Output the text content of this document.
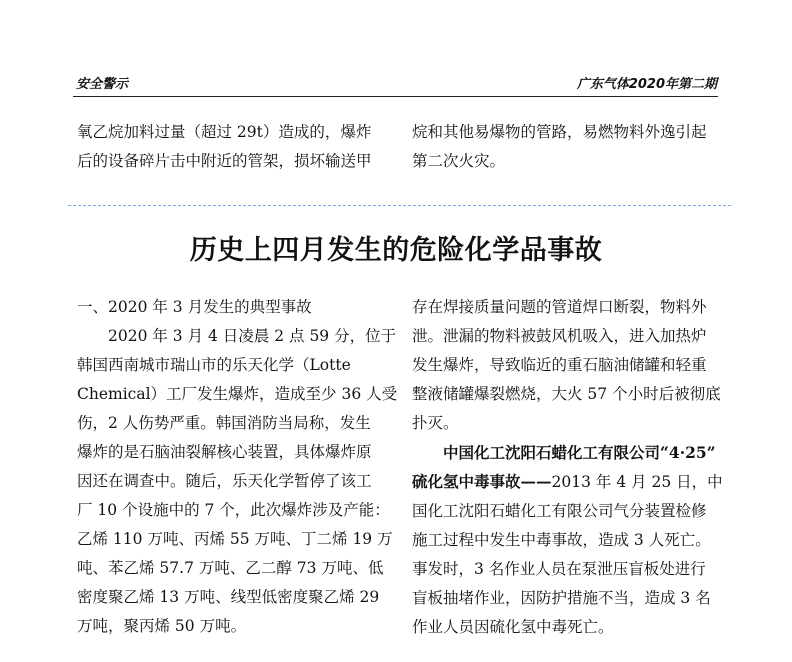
安全警示	广东气体2020年第二期

氧乙烷加料过量（超过 29t）造成的，爆炸

后的设备碎片击中附近的管架，损坏输送甲

烷和其他易爆物的管路，易燃物料外逸引起

第二次火灾。

历史上四月发生的危险化学品事故

一、2020 年 3 月发生的典型事故

2020 年 3 月 4 日凌晨 2 点 59 分，位于

韩国西南城市瑞山市的乐天化学（Lotte

Chemical）工厂发生爆炸，造成至少 36 人受

伤，2 人伤势严重。韩国消防当局称，发生

爆炸的是石脑油裂解核心装置，具体爆炸原

因还在调查中。随后，乐天化学暂停了该工

厂 10 个设施中的 7 个，此次爆炸涉及产能：

乙烯 110 万吨、丙烯 55 万吨、丁二烯 19 万

吨、苯乙烯 57.7 万吨、乙二醇 73 万吨、低

密度聚乙烯 13 万吨、线型低密度聚乙烯 29

万吨，聚丙烯 50 万吨。

存在焊接质量问题的管道焊口断裂，物料外

泄。泄漏的物料被鼓风机吸入，进入加热炉

发生爆炸，导致临近的重石脑油储罐和轻重

整液储罐爆裂燃烧，大火 57 个小时后被彻底

扑灭。

中国化工沈阳石蜡化工有限公司“4·25”

硫化氢中毒事故——2013 年 4 月 25 日，中

国化工沈阳石蜡化工有限公司气分装置检修

施工过程中发生中毒事故，造成 3 人死亡。

事发时，3 名作业人员在泵泄压盲板处进行

盲板抽堵作业，因防护措施不当，造成 3 名

作业人员因硫化氢中毒死亡。
